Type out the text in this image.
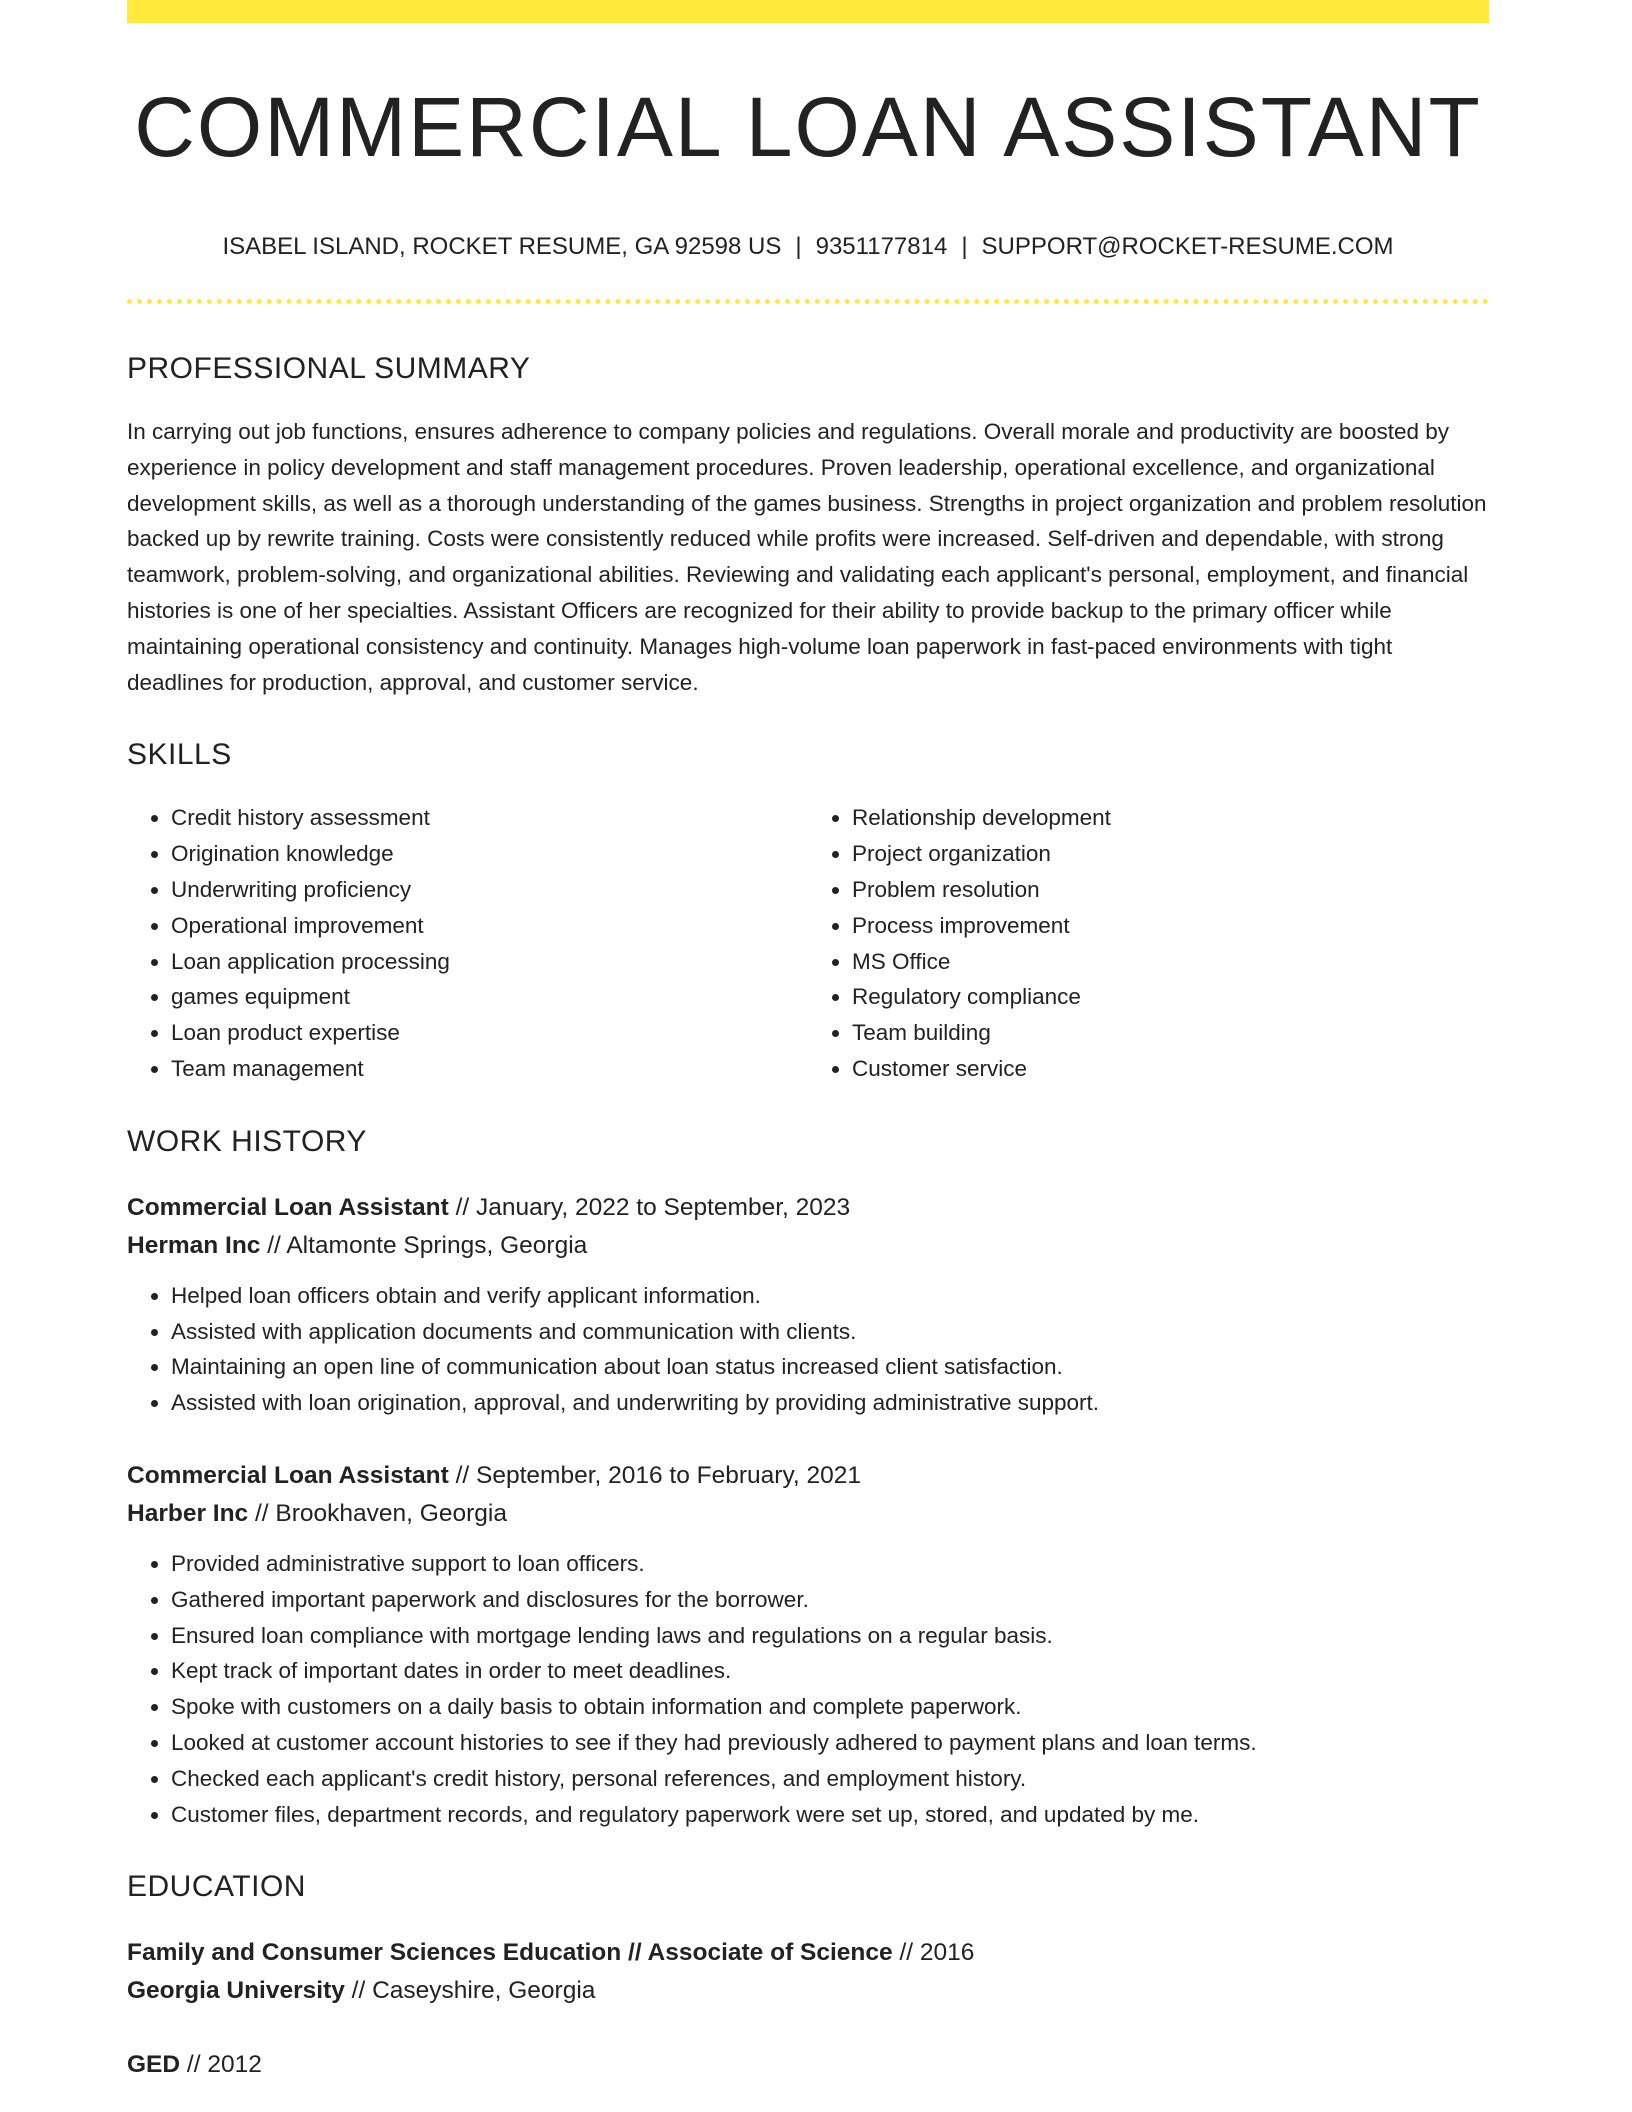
COMMERCIAL LOAN ASSISTANT
ISABEL ISLAND, ROCKET RESUME, GA 92598 US | 9351177814 | SUPPORT@ROCKET-RESUME.COM
PROFESSIONAL SUMMARY
In carrying out job functions, ensures adherence to company policies and regulations. Overall morale and productivity are boosted by experience in policy development and staff management procedures. Proven leadership, operational excellence, and organizational development skills, as well as a thorough understanding of the games business. Strengths in project organization and problem resolution backed up by rewrite training. Costs were consistently reduced while profits were increased. Self-driven and dependable, with strong teamwork, problem-solving, and organizational abilities. Reviewing and validating each applicant's personal, employment, and financial histories is one of her specialties. Assistant Officers are recognized for their ability to provide backup to the primary officer while maintaining operational consistency and continuity. Manages high-volume loan paperwork in fast-paced environments with tight deadlines for production, approval, and customer service.
SKILLS
• Credit history assessment
• Origination knowledge
• Underwriting proficiency
• Operational improvement
• Loan application processing
• games equipment
• Loan product expertise
• Team management
• Relationship development
• Project organization
• Problem resolution
• Process improvement
• MS Office
• Regulatory compliance
• Team building
• Customer service
WORK HISTORY
Commercial Loan Assistant // January, 2022 to September, 2023
Herman Inc // Altamonte Springs, Georgia
• Helped loan officers obtain and verify applicant information.
• Assisted with application documents and communication with clients.
• Maintaining an open line of communication about loan status increased client satisfaction.
• Assisted with loan origination, approval, and underwriting by providing administrative support.
Commercial Loan Assistant // September, 2016 to February, 2021
Harber Inc // Brookhaven, Georgia
• Provided administrative support to loan officers.
• Gathered important paperwork and disclosures for the borrower.
• Ensured loan compliance with mortgage lending laws and regulations on a regular basis.
• Kept track of important dates in order to meet deadlines.
• Spoke with customers on a daily basis to obtain information and complete paperwork.
• Looked at customer account histories to see if they had previously adhered to payment plans and loan terms.
• Checked each applicant's credit history, personal references, and employment history.
• Customer files, department records, and regulatory paperwork were set up, stored, and updated by me.
EDUCATION
Family and Consumer Sciences Education // Associate of Science // 2016
Georgia University // Caseyshire, Georgia
GED // 2012
